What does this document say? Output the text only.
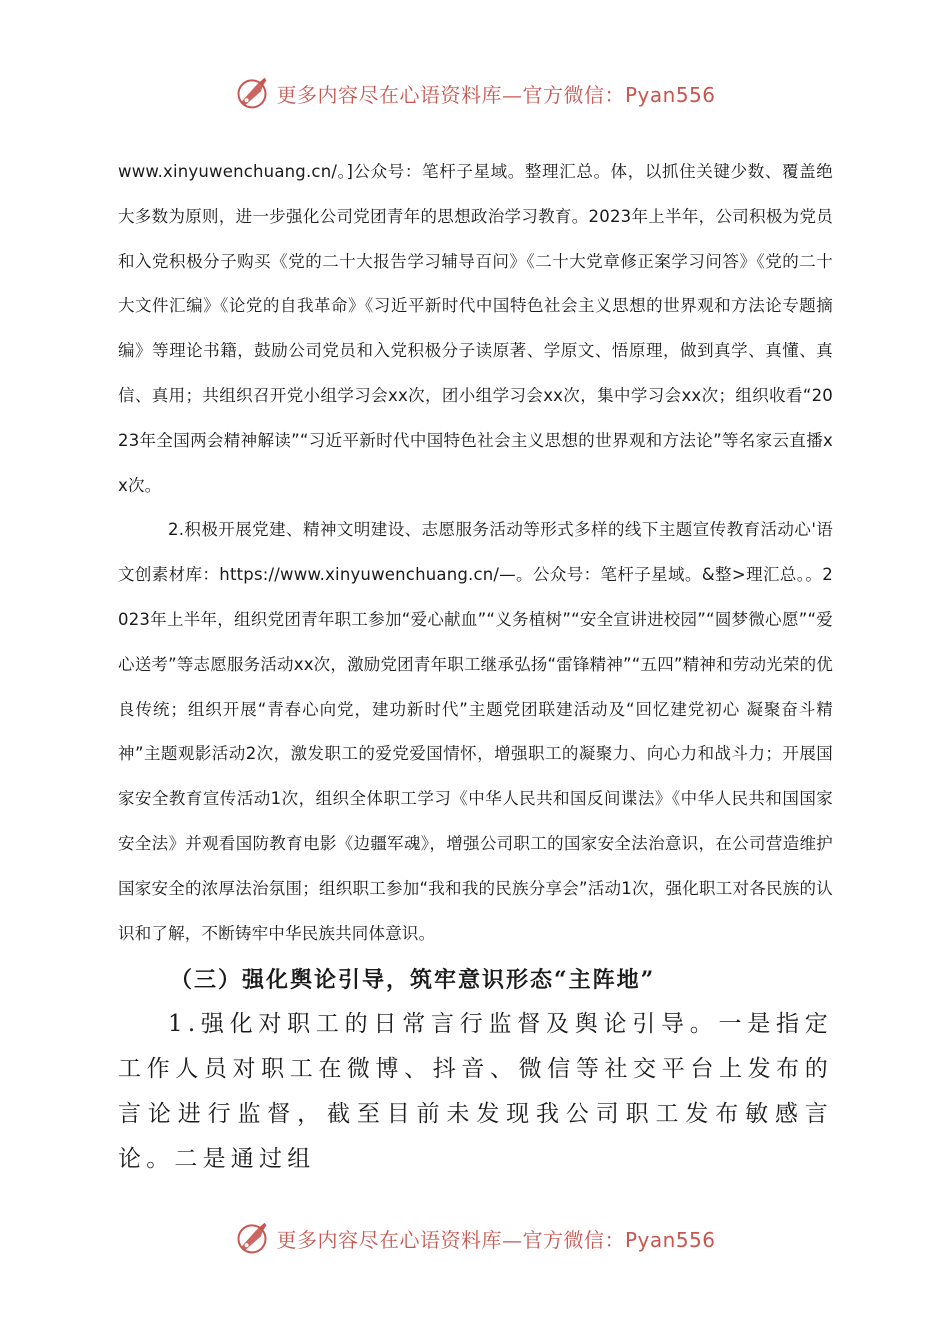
更多内容尽在心语资料库—官方微信：Pyan556

www.xinyuwenchuang.cn/。]公众号：笔杆子星域。整理汇总。体，以抓住关键少数、覆盖绝大多数为原则，进一步强化公司党团青年的思想政治学习教育。2023年上半年，公司积极为党员和入党积极分子购买《党的二十大报告学习辅导百问》《二十大党章修正案学习问答》《党的二十大文件汇编》《论党的自我革命》《习近平新时代中国特色社会主义思想的世界观和方法论专题摘编》等理论书籍，鼓励公司党员和入党积极分子读原著、学原文、悟原理，做到真学、真懂、真信、真用；共组织召开党小组学习会xx次，团小组学习会xx次，集中学习会xx次；组织收看“2023年全国两会精神解读”“习近平新时代中国特色社会主义思想的世界观和方法论”等名家云直播xx次。

2.积极开展党建、精神文明建设、志愿服务活动等形式多样的线下主题宣传教育活动心'语文创素材库：https://www.xinyuwenchuang.cn/—。公众号：笔杆子星域。&整>理汇总。。2023年上半年，组织党团青年职工参加“爱心献血”“义务植树”“安全宣讲进校园”“圆梦微心愿”“爱心送考”等志愿服务活动xx次，激励党团青年职工继承弘扬“雷锋精神”“五四”精神和劳动光荣的优良传统；组织开展“青春心向党，建功新时代”主题党团联建活动及“回忆建党初心 凝聚奋斗精神”主题观影活动2次，激发职工的爱党爱国情怀，增强职工的凝聚力、向心力和战斗力；开展国家安全教育宣传活动1次，组织全体职工学习《中华人民共和国反间谍法》《中华人民共和国国家安全法》并观看国防教育电影《边疆军魂》，增强公司职工的国家安全法治意识，在公司营造维护国家安全的浓厚法治氛围；组织职工参加“我和我的民族分享会”活动1次，强化职工对各民族的认识和了解，不断铸牢中华民族共同体意识。

（三）强化舆论引导，筑牢意识形态“主阵地”

1.强化对职工的日常言行监督及舆论引导。一是指定工作人员对职工在微博、抖音、微信等社交平台上发布的言论进行监督，截至目前未发现我公司职工发布敏感言论。二是通过组

更多内容尽在心语资料库—官方微信：Pyan556
